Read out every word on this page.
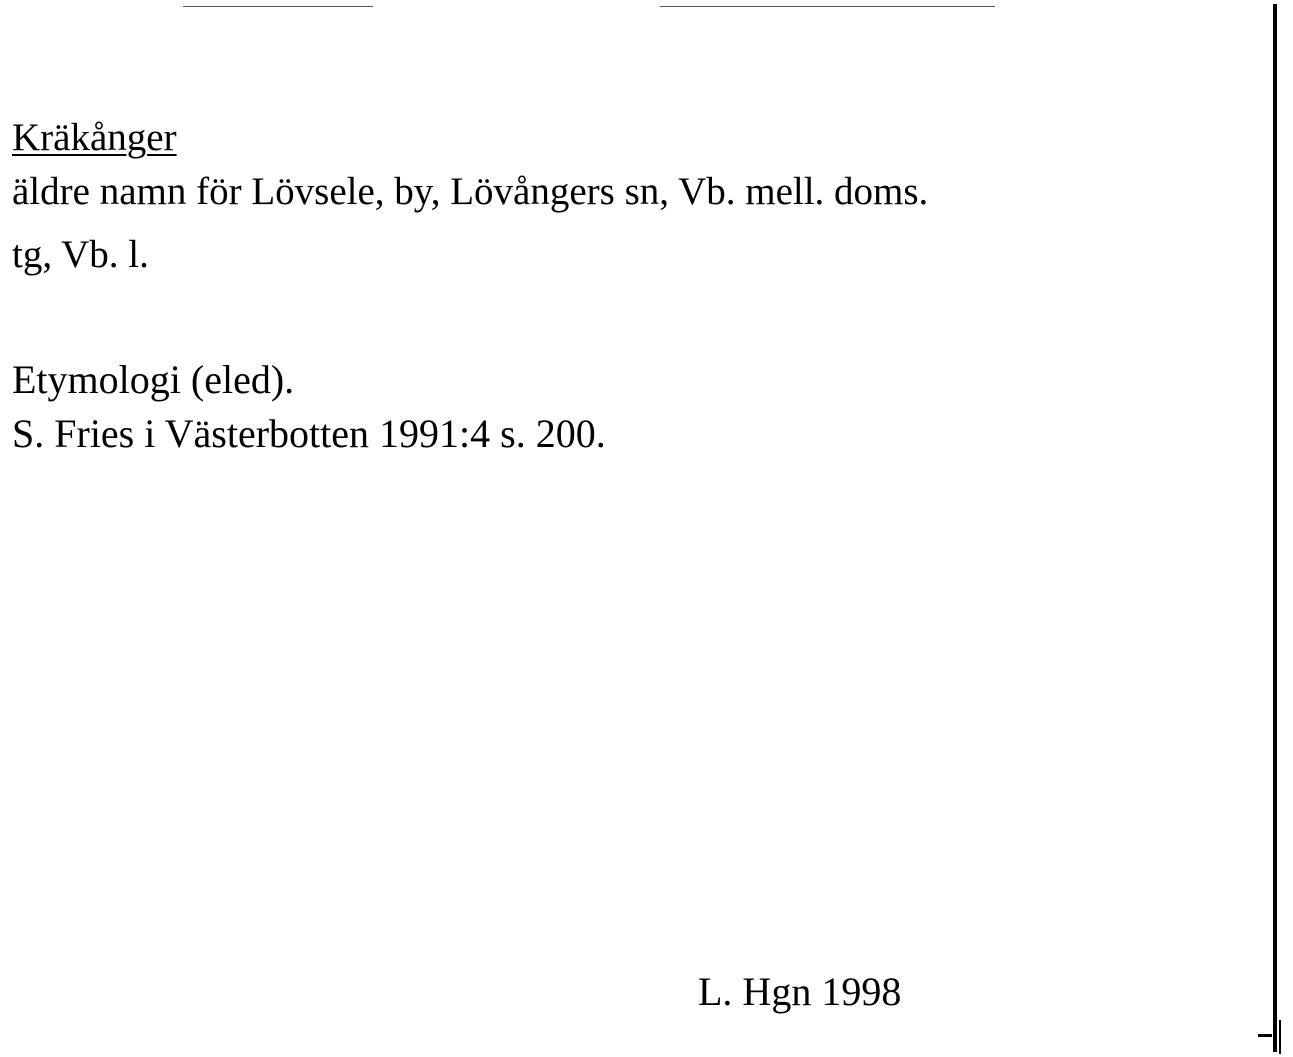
Kräkånger
äldre namn för Lövsele, by, Lövångers sn, Vb. mell. doms.
tg, Vb. l.
Etymologi (eled).
S. Fries i Västerbotten 1991:4 s. 200.
L. Hgn 1998
